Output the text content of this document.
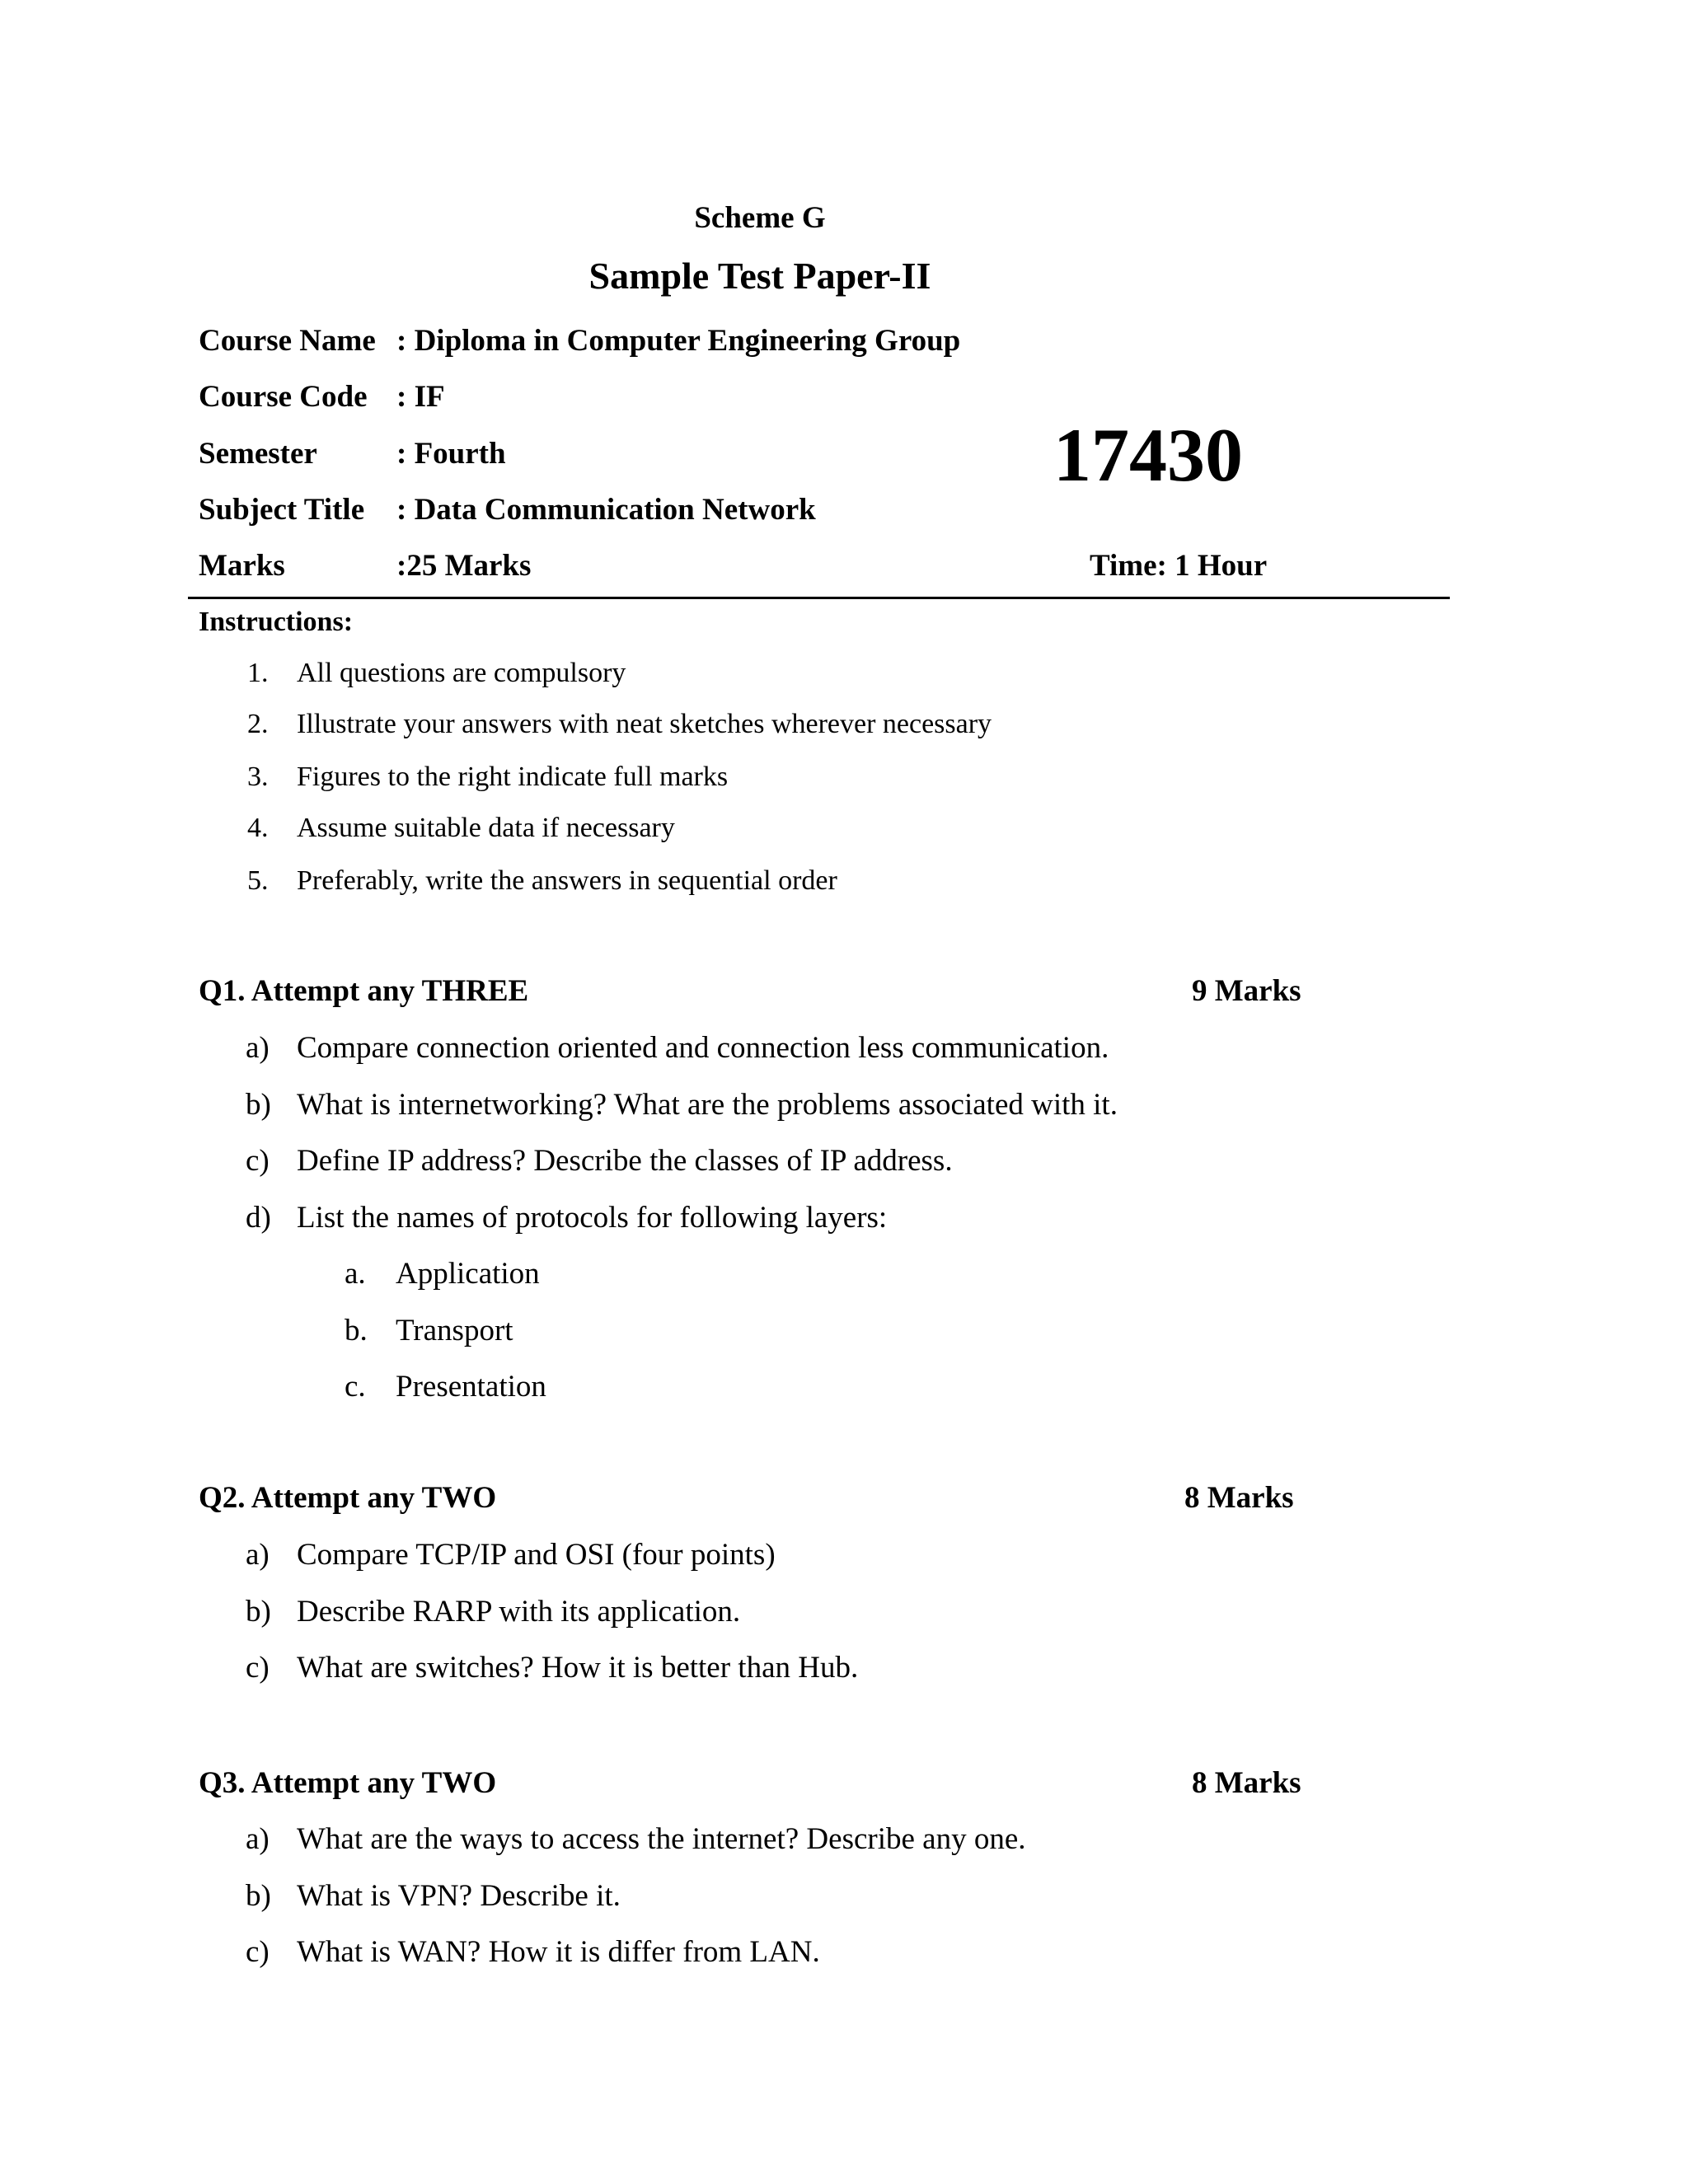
Scheme G
Sample Test Paper-II
Course Name : Diploma in Computer Engineering Group
Course Code : IF
Semester	: Fourth
Subject Title : Data Communication Network
Marks	:25 Marks
17430
Time: 1 Hour
Instructions:
1. All questions are compulsory
2. Illustrate your answers with neat sketches wherever necessary
3. Figures to the right indicate full marks
4. Assume suitable data if necessary
5. Preferably, write the answers in sequential order
Q1. Attempt any THREE	9 Marks
a) Compare connection oriented and connection less communication.
b) What is internetworking? What are the problems associated with it.
c) Define IP address? Describe the classes of IP address.
d) List the names of protocols for following layers:
a. Application
b. Transport
c. Presentation
Q2. Attempt any TWO	8 Marks
a) Compare TCP/IP and OSI (four points)
b) Describe RARP with its application.
c) What are switches? How it is better than Hub.
Q3. Attempt any TWO	8 Marks
a) What are the ways to access the internet? Describe any one.
b) What is VPN? Describe it.
c) What is WAN? How it is differ from LAN.
